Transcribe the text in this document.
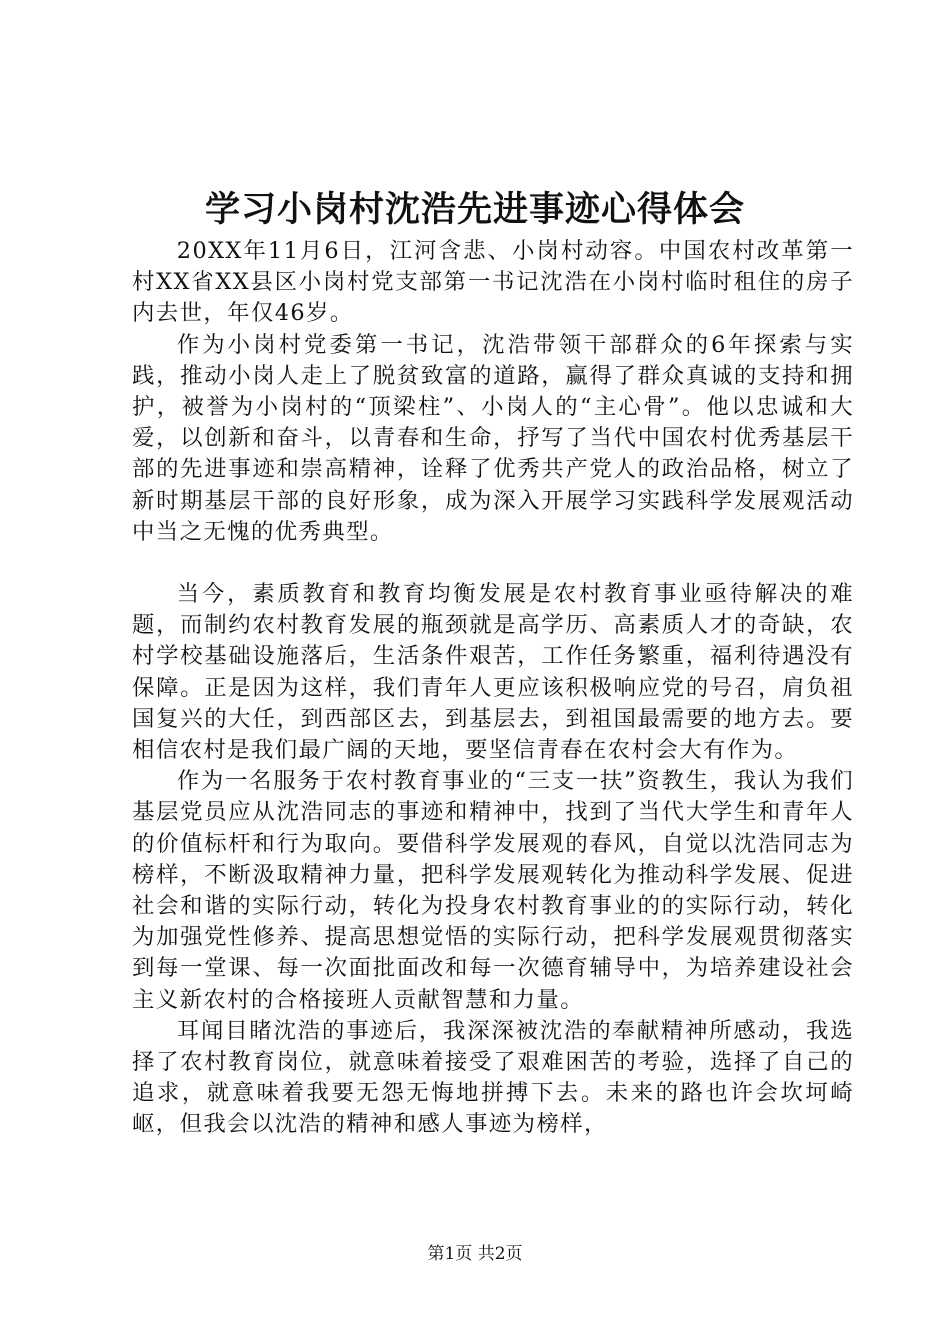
学习小岗村沈浩先进事迹心得体会

20XX年11月6日，江河含悲、小岗村动容。中国农村改革第一村XX省XX县区小岗村党支部第一书记沈浩在小岗村临时租住的房子内去世，年仅46岁。

作为小岗村党委第一书记，沈浩带领干部群众的6年探索与实践，推动小岗人走上了脱贫致富的道路，赢得了群众真诚的支持和拥护，被誉为小岗村的“顶梁柱”、小岗人的“主心骨”。他以忠诚和大爱，以创新和奋斗，以青春和生命，抒写了当代中国农村优秀基层干部的先进事迹和崇高精神，诠释了优秀共产党人的政治品格，树立了新时期基层干部的良好形象，成为深入开展学习实践科学发展观活动中当之无愧的优秀典型。

当今，素质教育和教育均衡发展是农村教育事业亟待解决的难题，而制约农村教育发展的瓶颈就是高学历、高素质人才的奇缺，农村学校基础设施落后，生活条件艰苦，工作任务繁重，福利待遇没有保障。正是因为这样，我们青年人更应该积极响应党的号召，肩负祖国复兴的大任，到西部区去，到基层去，到祖国最需要的地方去。要相信农村是我们最广阔的天地，要坚信青春在农村会大有作为。

作为一名服务于农村教育事业的“三支一扶”资教生，我认为我们基层党员应从沈浩同志的事迹和精神中，找到了当代大学生和青年人的价值标杆和行为取向。要借科学发展观的春风，自觉以沈浩同志为榜样，不断汲取精神力量，把科学发展观转化为推动科学发展、促进社会和谐的实际行动，转化为投身农村教育事业的的实际行动，转化为加强党性修养、提高思想觉悟的实际行动，把科学发展观贯彻落实到每一堂课、每一次面批面改和每一次德育辅导中，为培养建设社会主义新农村的合格接班人贡献智慧和力量。

耳闻目睹沈浩的事迹后，我深深被沈浩的奉献精神所感动，我选择了农村教育岗位，就意味着接受了艰难困苦的考验，选择了自己的追求，就意味着我要无怨无悔地拼搏下去。未来的路也许会坎坷崎岖，但我会以沈浩的精神和感人事迹为榜样，

第1页 共2页
